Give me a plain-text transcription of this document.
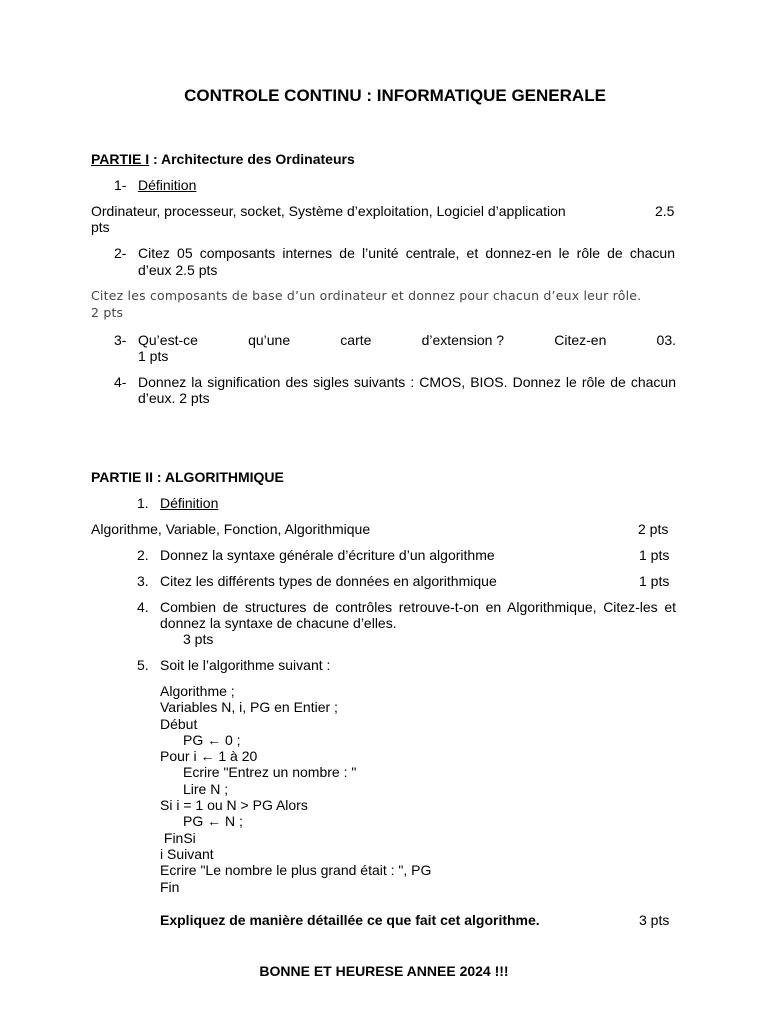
CONTROLE CONTINU : INFORMATIQUE GENERALE
PARTIE I : Architecture des Ordinateurs
1- Définition
Ordinateur, processeur, socket, Système d’exploitation, Logiciel d’application	2.5
pts
2- Citez 05 composants internes de l’unité centrale, et donnez-en le rôle de chacun
d’eux 2.5 pts
Citez les composants de base d’un ordinateur et donnez pour chacun d’eux leur rôle.
2 pts
3- Qu’est-ce	qu’une	carte	d’extension ?	Citez-en	03.
1 pts
4- Donnez la signification des sigles suivants : CMOS, BIOS. Donnez le rôle de chacun
d’eux. 2 pts
PARTIE II : ALGORITHMIQUE
1. Définition
Algorithme, Variable, Fonction, Algorithmique	2 pts
2. Donnez la syntaxe générale d’écriture d’un algorithme	1 pts
3. Citez les différents types de données en algorithmique	1 pts
4. Combien de structures de contrôles retrouve-t-on en Algorithmique, Citez-les et
donnez la syntaxe de chacune d’elles.
3 pts
5. Soit le l’algorithme suivant :
Algorithme ;
Variables N, i, PG en Entier ;
Début
PG ← 0 ;
Pour i ← 1 à 20
Ecrire "Entrez un nombre : "
Lire N ;
Si i = 1 ou N > PG Alors
PG ← N ;
FinSi
i Suivant
Ecrire "Le nombre le plus grand était : ", PG
Fin
Expliquez de manière détaillée ce que fait cet algorithme.	3 pts
BONNE ET HEURESE ANNEE 2024 !!!
